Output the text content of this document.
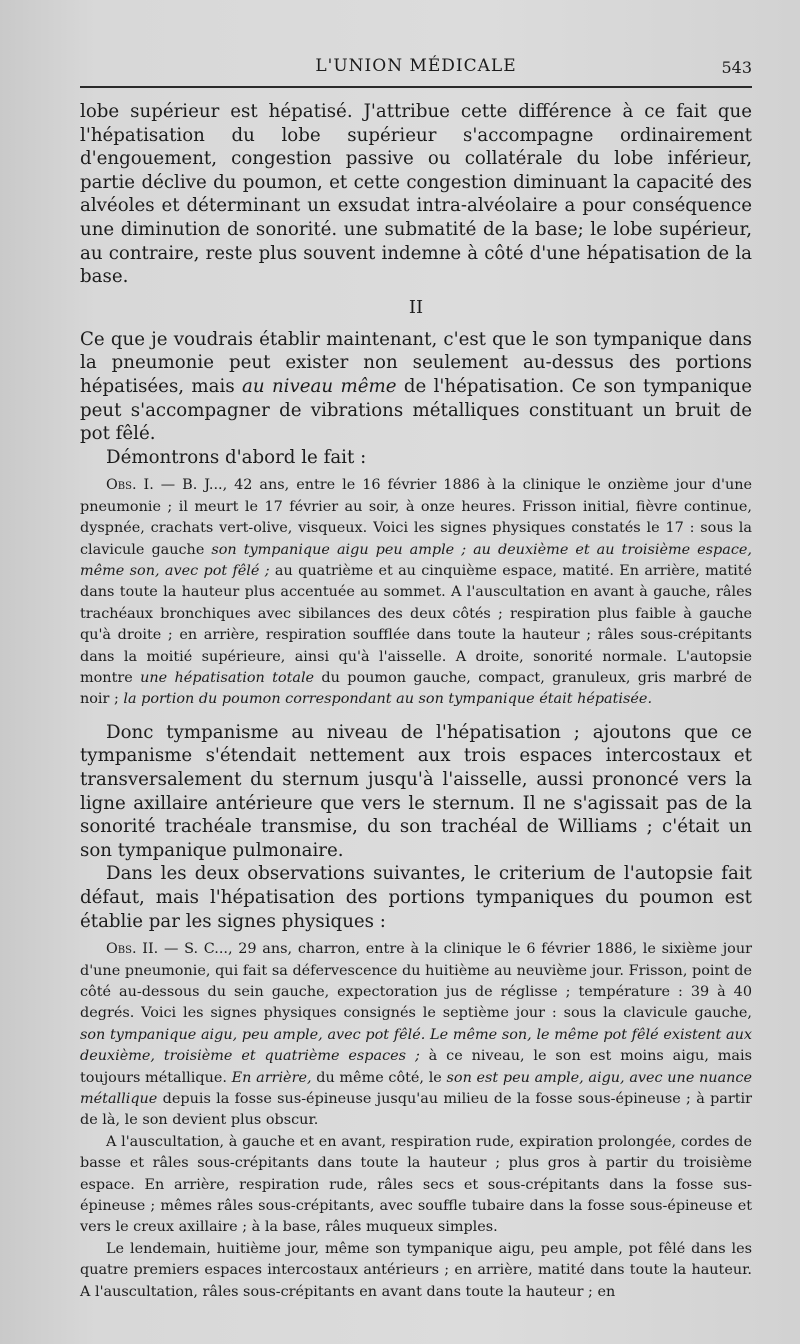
L'UNION MÉDICALE	543

lobe supérieur est hépatisé. J'attribue cette différence à ce fait que l'hépatisation du lobe supérieur s'accompagne ordinairement d'engouement, congestion passive ou collatérale du lobe inférieur, partie déclive du poumon, et cette congestion diminuant la capacité des alvéoles et déterminant un exsudat intra-alvéolaire a pour conséquence une diminution de sonorité. une submatité de la base; le lobe supérieur, au contraire, reste plus souvent indemne à côté d'une hépatisation de la base.

II

Ce que je voudrais établir maintenant, c'est que le son tympanique dans la pneumonie peut exister non seulement au-dessus des portions hépatisées, mais au niveau même de l'hépatisation. Ce son tympanique peut s'accompagner de vibrations métalliques constituant un bruit de pot fêlé.

Démontrons d'abord le fait :

Obs. I. — B. J..., 42 ans, entre le 16 février 1886 à la clinique le onzième jour d'une pneumonie ; il meurt le 17 février au soir, à onze heures. Frisson initial, fièvre continue, dyspnée, crachats vert-olive, visqueux. Voici les signes physiques constatés le 17 : sous la clavicule gauche son tympanique aigu peu ample ; au deuxième et au troisième espace, même son, avec pot fêlé ; au quatrième et au cinquième espace, matité. En arrière, matité dans toute la hauteur plus accentuée au sommet. A l'auscultation en avant à gauche, râles trachéaux bronchiques avec sibilances des deux côtés ; respiration plus faible à gauche qu'à droite ; en arrière, respiration soufflée dans toute la hauteur ; râles sous-crépitants dans la moitié supérieure, ainsi qu'à l'aisselle. A droite, sonorité normale. L'autopsie montre une hépatisation totale du poumon gauche, compact, granuleux, gris marbré de noir ; la portion du poumon correspondant au son tympanique était hépatisée.

Donc tympanisme au niveau de l'hépatisation ; ajoutons que ce tympanisme s'étendait nettement aux trois espaces intercostaux et transversalement du sternum jusqu'à l'aisselle, aussi prononcé vers la ligne axillaire antérieure que vers le sternum. Il ne s'agissait pas de la sonorité trachéale transmise, du son trachéal de Williams ; c'était un son tympanique pulmonaire.

Dans les deux observations suivantes, le criterium de l'autopsie fait défaut, mais l'hépatisation des portions tympaniques du poumon est établie par les signes physiques :

Obs. II. — S. C..., 29 ans, charron, entre à la clinique le 6 février 1886, le sixième jour d'une pneumonie, qui fait sa défervescence du huitième au neuvième jour. Frisson, point de côté au-dessous du sein gauche, expectoration jus de réglisse ; température : 39 à 40 degrés. Voici les signes physiques consignés le septième jour : sous la clavicule gauche, son tympanique aigu, peu ample, avec pot fêlé. Le même son, le même pot fêlé existent aux deuxième, troisième et quatrième espaces ; à ce niveau, le son est moins aigu, mais toujours métallique. En arrière, du même côté, le son est peu ample, aigu, avec une nuance métallique depuis la fosse sus-épineuse jusqu'au milieu de la fosse sous-épineuse ; à partir de là, le son devient plus obscur.

A l'auscultation, à gauche et en avant, respiration rude, expiration prolongée, cordes de basse et râles sous-crépitants dans toute la hauteur ; plus gros à partir du troisième espace. En arrière, respiration rude, râles secs et sous-crépitants dans la fosse sus-épineuse ; mêmes râles sous-crépitants, avec souffle tubaire dans la fosse sous-épineuse et vers le creux axillaire ; à la base, râles muqueux simples.

Le lendemain, huitième jour, même son tympanique aigu, peu ample, pot fêlé dans les quatre premiers espaces intercostaux antérieurs ; en arrière, matité dans toute la hauteur. A l'auscultation, râles sous-crépitants en avant dans toute la hauteur ; en
